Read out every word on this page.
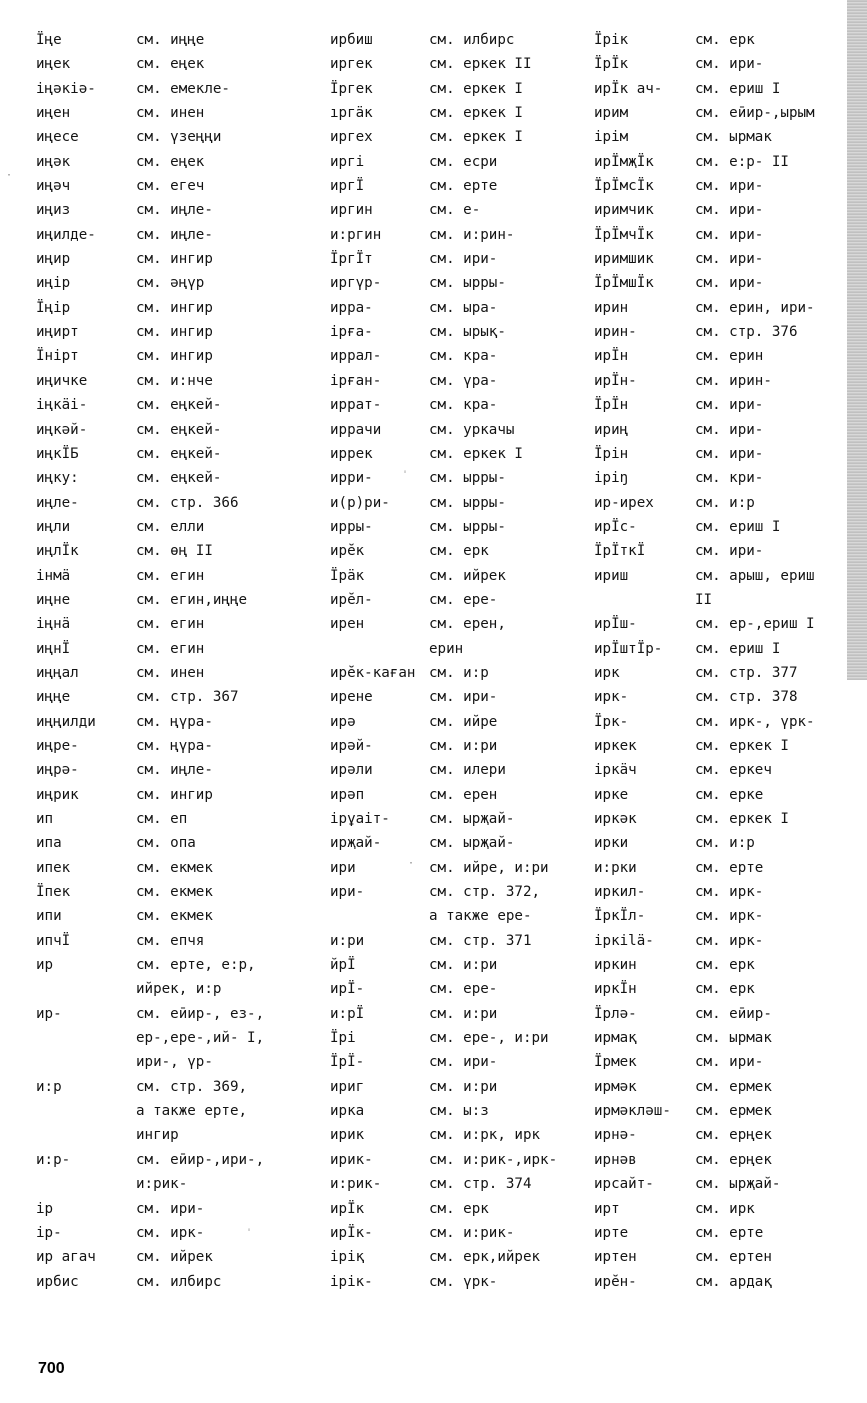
Ïңе	см. иңңе
иңек	см. еңек
іңәкіә-	см. емекле-
иңен	см. инен
иңесе	см. үзеңңи
иңәк	см. еңек
иңәч	см. егеч
иңиз	см. иңле-
иңилде-	см. иңле-
иңир	см. ингир
иңір	см. әңүр
Ïңір	см. ингир
иңирт	см. ингир
Ïнірт	см. ингир
иңичке	см. и:нче
іңкӓі-	см. еңкей-
иңкәй-	см. еңкей-
иңкЇБ	см. еңкей-
иңку:	см. еңкей-
иңле-	см. стр. 366
иңли	см. елли
иңлЇк	см. өң II
інмӓ	см. егин
иңне	см. егин,иңңе
іңнӓ	см. егин
иңнЇ	см. егин
иңңал	см. инен
иңңе	см. стр. 367
иңңилди	см. ңүра-
иңре-	см. ңүра-
иңрә-	см. иңле-
иңрик	см. ингир
ип	см. еп
ипа	см. опа
ипек	см. екмек
Ïпек	см. екмек
ипи	см. екмек
ипчЇ	см. епчя
ир	см. ерте, е:р,
ийрек, и:р
ир-	см. еӣир-, ез-,
ер-,ере-,ий- I,
ири-, үр-
и:р	см. стр. 369,
а также ерте,
ингир
и:р-	см. еӣир-,ири-,
и:рик-
ір	см. ири-
ір-	см. ирк-
ир агач	см. ийрек
ирбис	см. илбирс
ирбиш	см. илбирс
иргек	см. еркек II
Ïргек	см. еркек I
ıргӓк	см. еркек I
иргех	см. еркек I
иргі	см. есри
иргЇ	см. ерте
иргин	см. е-
и:ргин	см. и:рин-
ÏргЇт	см. ири-
иргүр-	см. ырры-
ирра-	см. ыра-
ірға-	см. ырық-
иррал-	см. кра-
ірған-	см. үра-
иррат-	см. кра-
иррачи	см. уркачы
иррек	см. еркек I
ирри-	см. ырры-
и(р)ри-	см. ырры-
ирры-	см. ырры-
ирӗк	см. ерк
Ïрӓк	см. ийрек
ирӗл-	см. ере-
ирен	см. ерен,
ерин
ирӗк-каған см. и:р
ирене	см. ири-
ирә	см. ийре
ирәй-	см. и:ри
ирәли	см. илери
ирәп	см. ерен
ірұаіт-	см. ырҗай-
ирҗай-	см. ырҗай-
ири	см. ийре, и:ри
ири-	см. стр. 372,
а также ере-
и:ри	см. стр. 371
йрЇ	см. и:ри
ирЇ-	см. ере-
и:рЇ	см. и:ри
Ïрі	см. ере-, и:ри
ÏрЇ-	см. ири-
ириг	см. и:ри
ирка	см. ы:з
ирик	см. и:рк, ирк
ирик-	см. и:рик-,ирк-
и:рик-	см. стр. 374
ирЇк	см. ерк
ирЇк-	см. и:рик-
іріқ	см. ерк,ийрек
ірік-	см. үрк-
Ïрік	см. ерк
ÏрЇк	см. ири-
ирЇк ач-	см. ериш I
ирим	см. еӣир-,ырым
ірім	см. ырмак
ирЇмҗЇк	см. е:р- II
ÏрЇмсЇк	см. ири-
иримчик	см. ири-
ÏрЇмчЇк	см. ири-
иримшик	см. ири-
ÏрЇмшЇк	см. ири-
ирин	см. ерин, ири-
ирин-	см. стр. 376
ирЇн	см. ерин
ирЇн-	см. ирин-
ÏрЇн	см. ири-
ириң	см. ири-
Ïрін	см. ири-
іріŋ	см. кри-
ир-ирех	см. и:р
ирЇс-	см. ериш I
ÏрЇткЇ	см. ири-
ириш	см. арыш, ериш
II
ирЇш-	см. ер-,ериш I
ирЇштЇр-	см. ериш I
ирк	см. стр. 377
ирк-	см. стр. 378
Ïрк-	см. ирк-, үрк-
иркек	см. еркек I
іркӓч	см. еркеч
ирке	см. ерке
иркәк	см. еркек I
ирки	см. и:р
и:рки	см. ерте
иркил-	см. ирк-
ÏркЇл-	см. ирк-
іркіlӓ-	см. ирк-
иркин	см. ерк
иркЇн	см. ерк
Ïрлә-	см. еӣир-
ирмақ	см. ырмак
Ïрмек	см. ири-
ирмәк	см. ермек
ирмәкләш-	см. ермек
ирнә-	см. ерңек
ирнәв	см. ерңек
ирсайт-	см. ырҗай-
ирт	см. ирк
ирте	см. ерте
иртен	см. ертен
ирӗн-	см. ардақ
700
·
ˈ
ˈ
·
